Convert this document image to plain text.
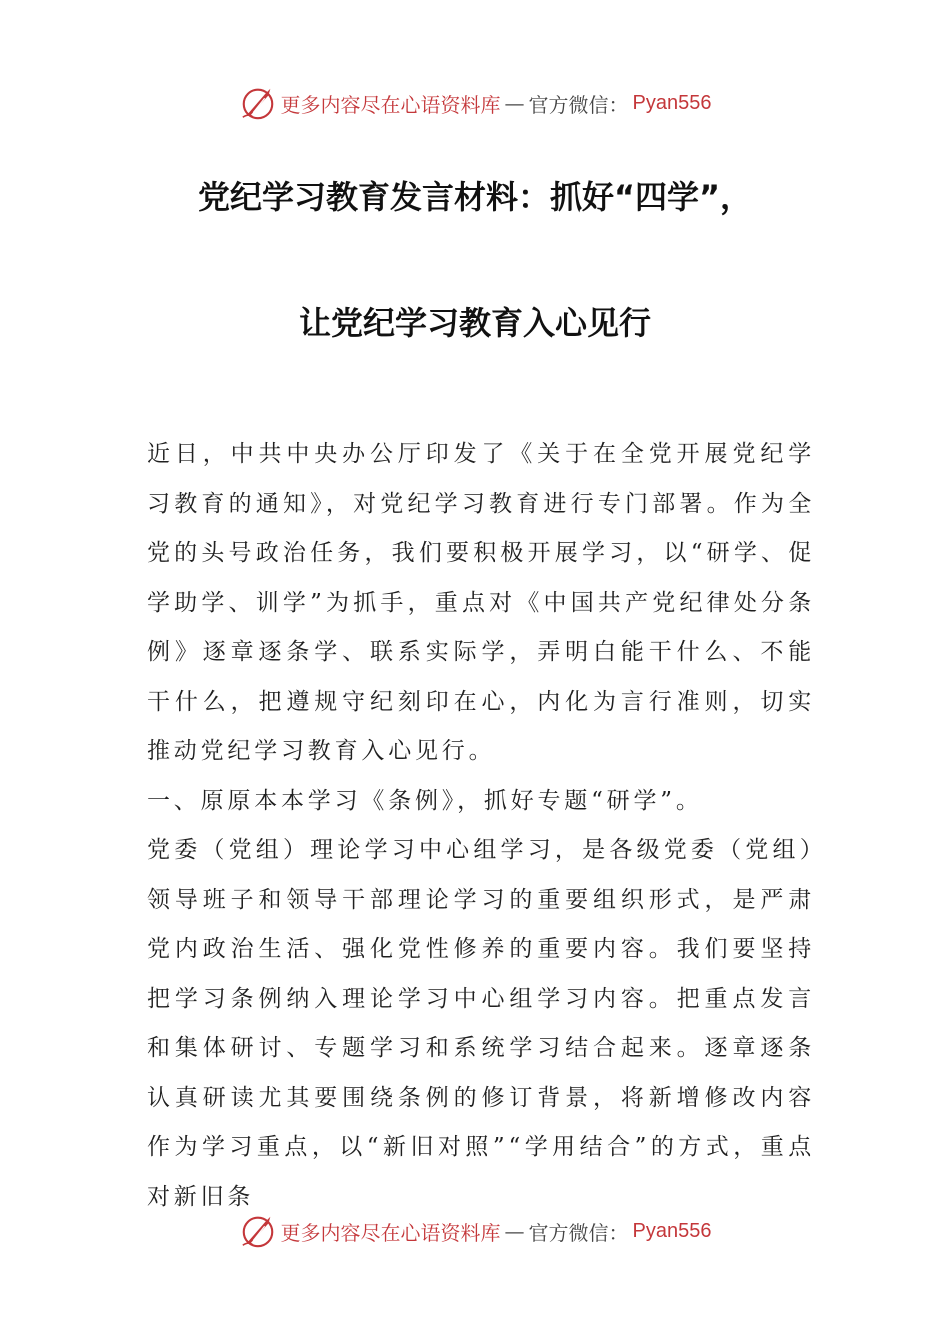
更多内容尽在心语资料库 — 官方微信： Pyan556
党纪学习教育发言材料：抓好“四学”，
让党纪学习教育入心见行

近日，中共中央办公厅印发了《关于在全党开展党纪学习教育的通知》，对党纪学习教育进行专门部署。作为全党的头号政治任务，我们要积极开展学习，以“研学、促学助学、训学”为抓手，重点对《中国共产党纪律处分条例》逐章逐条学、联系实际学，弄明白能干什么、不能干什么，把遵规守纪刻印在心，内化为言行准则，切实推动党纪学习教育入心见行。

一、原原本本学习《条例》，抓好专题“研学”。

党委（党组）理论学习中心组学习，是各级党委（党组）领导班子和领导干部理论学习的重要组织形式，是严肃党内政治生活、强化党性修养的重要内容。我们要坚持把学习条例纳入理论学习中心组学习内容。把重点发言和集体研讨、专题学习和系统学习结合起来。逐章逐条认真研读尤其要围绕条例的修订背景，将新增修改内容作为学习重点，以“新旧对照”“学用结合”的方式，重点对新旧条

更多内容尽在心语资料库 — 官方微信： Pyan556
